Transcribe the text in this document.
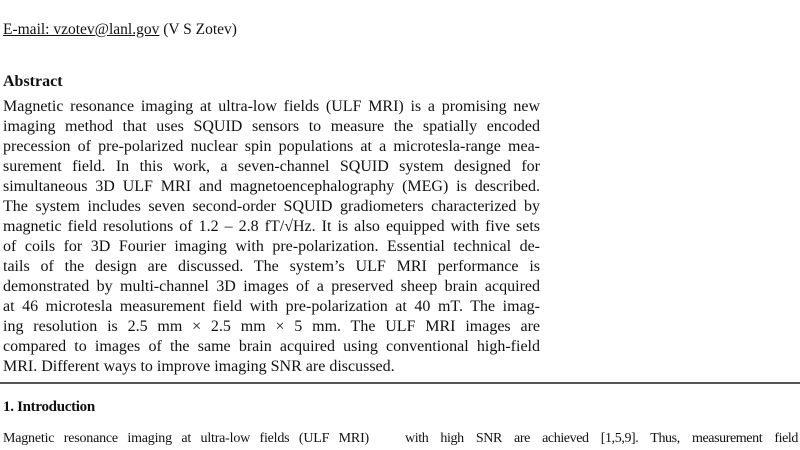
E-mail: vzotev@lanl.gov (V S Zotev)
Abstract
Magnetic resonance imaging at ultra-low fields (ULF MRI) is a promising new
imaging method that uses SQUID sensors to measure the spatially encoded
precession of pre-polarized nuclear spin populations at a microtesla-range mea-
surement field. In this work, a seven-channel SQUID system designed for
simultaneous 3D ULF MRI and magnetoencephalography (MEG) is described.
The system includes seven second-order SQUID gradiometers characterized by
magnetic field resolutions of 1.2 – 2.8 fT/√Hz. It is also equipped with five sets
of coils for 3D Fourier imaging with pre-polarization. Essential technical de-
tails of the design are discussed. The system’s ULF MRI performance is
demonstrated by multi-channel 3D images of a preserved sheep brain acquired
at 46 microtesla measurement field with pre-polarization at 40 mT. The imag-
ing resolution is 2.5 mm × 2.5 mm × 5 mm. The ULF MRI images are
compared to images of the same brain acquired using conventional high-field
MRI. Different ways to improve imaging SNR are discussed.
1. Introduction
Magnetic resonance imaging at ultra-low fields (ULF MRI)	with high SNR are achieved [1,5,9]. Thus, measurement field
